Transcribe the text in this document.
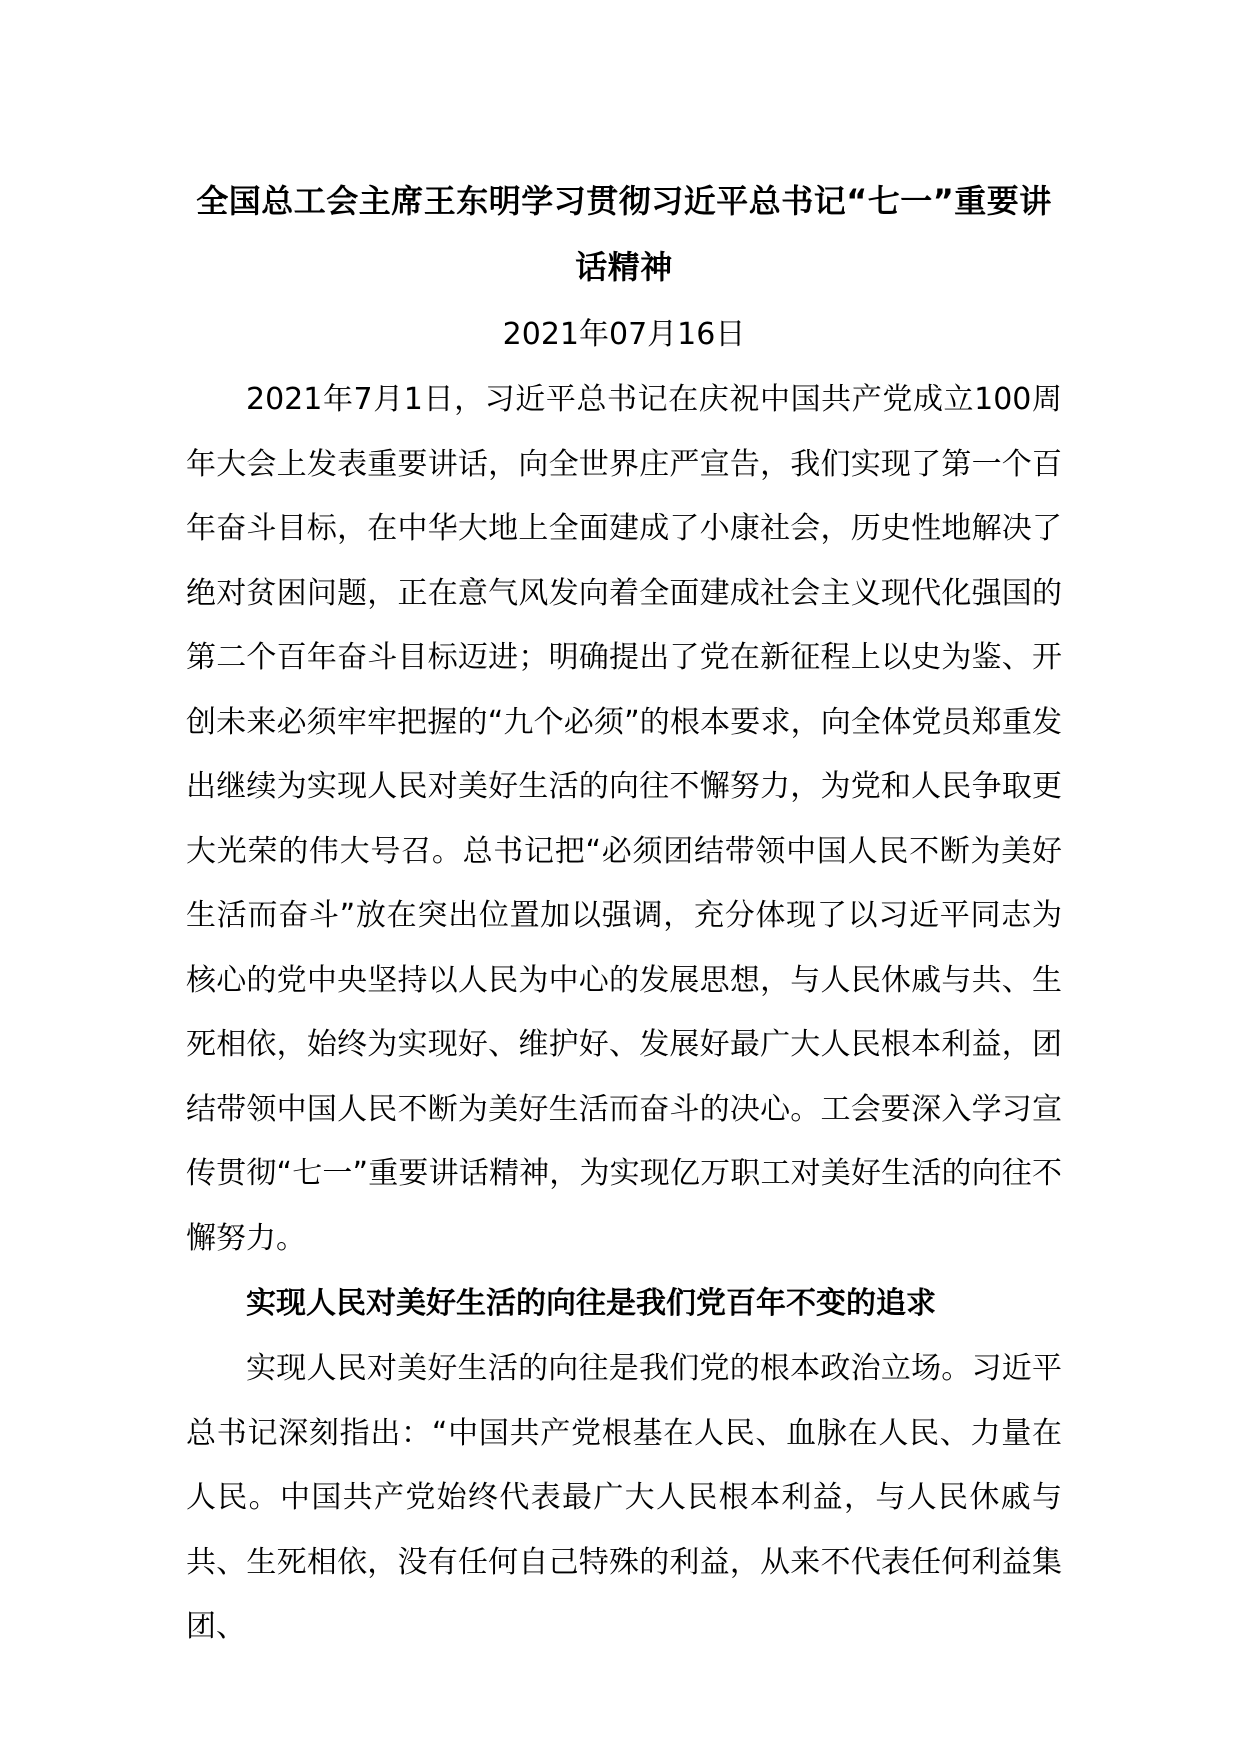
全国总工会主席王东明学习贯彻习近平总书记“七一”重要讲话精神
2021年07月16日

2021年7月1日，习近平总书记在庆祝中国共产党成立100周年大会上发表重要讲话，向全世界庄严宣告，我们实现了第一个百年奋斗目标，在中华大地上全面建成了小康社会，历史性地解决了绝对贫困问题，正在意气风发向着全面建成社会主义现代化强国的第二个百年奋斗目标迈进；明确提出了党在新征程上以史为鉴、开创未来必须牢牢把握的“九个必须”的根本要求，向全体党员郑重发出继续为实现人民对美好生活的向往不懈努力，为党和人民争取更大光荣的伟大号召。总书记把“必须团结带领中国人民不断为美好生活而奋斗”放在突出位置加以强调，充分体现了以习近平同志为核心的党中央坚持以人民为中心的发展思想，与人民休戚与共、生死相依，始终为实现好、维护好、发展好最广大人民根本利益，团结带领中国人民不断为美好生活而奋斗的决心。工会要深入学习宣传贯彻“七一”重要讲话精神，为实现亿万职工对美好生活的向往不懈努力。

实现人民对美好生活的向往是我们党百年不变的追求

实现人民对美好生活的向往是我们党的根本政治立场。习近平总书记深刻指出：“中国共产党根基在人民、血脉在人民、力量在人民。中国共产党始终代表最广大人民根本利益，与人民休戚与共、生死相依，没有任何自己特殊的利益，从来不代表任何利益集团、
